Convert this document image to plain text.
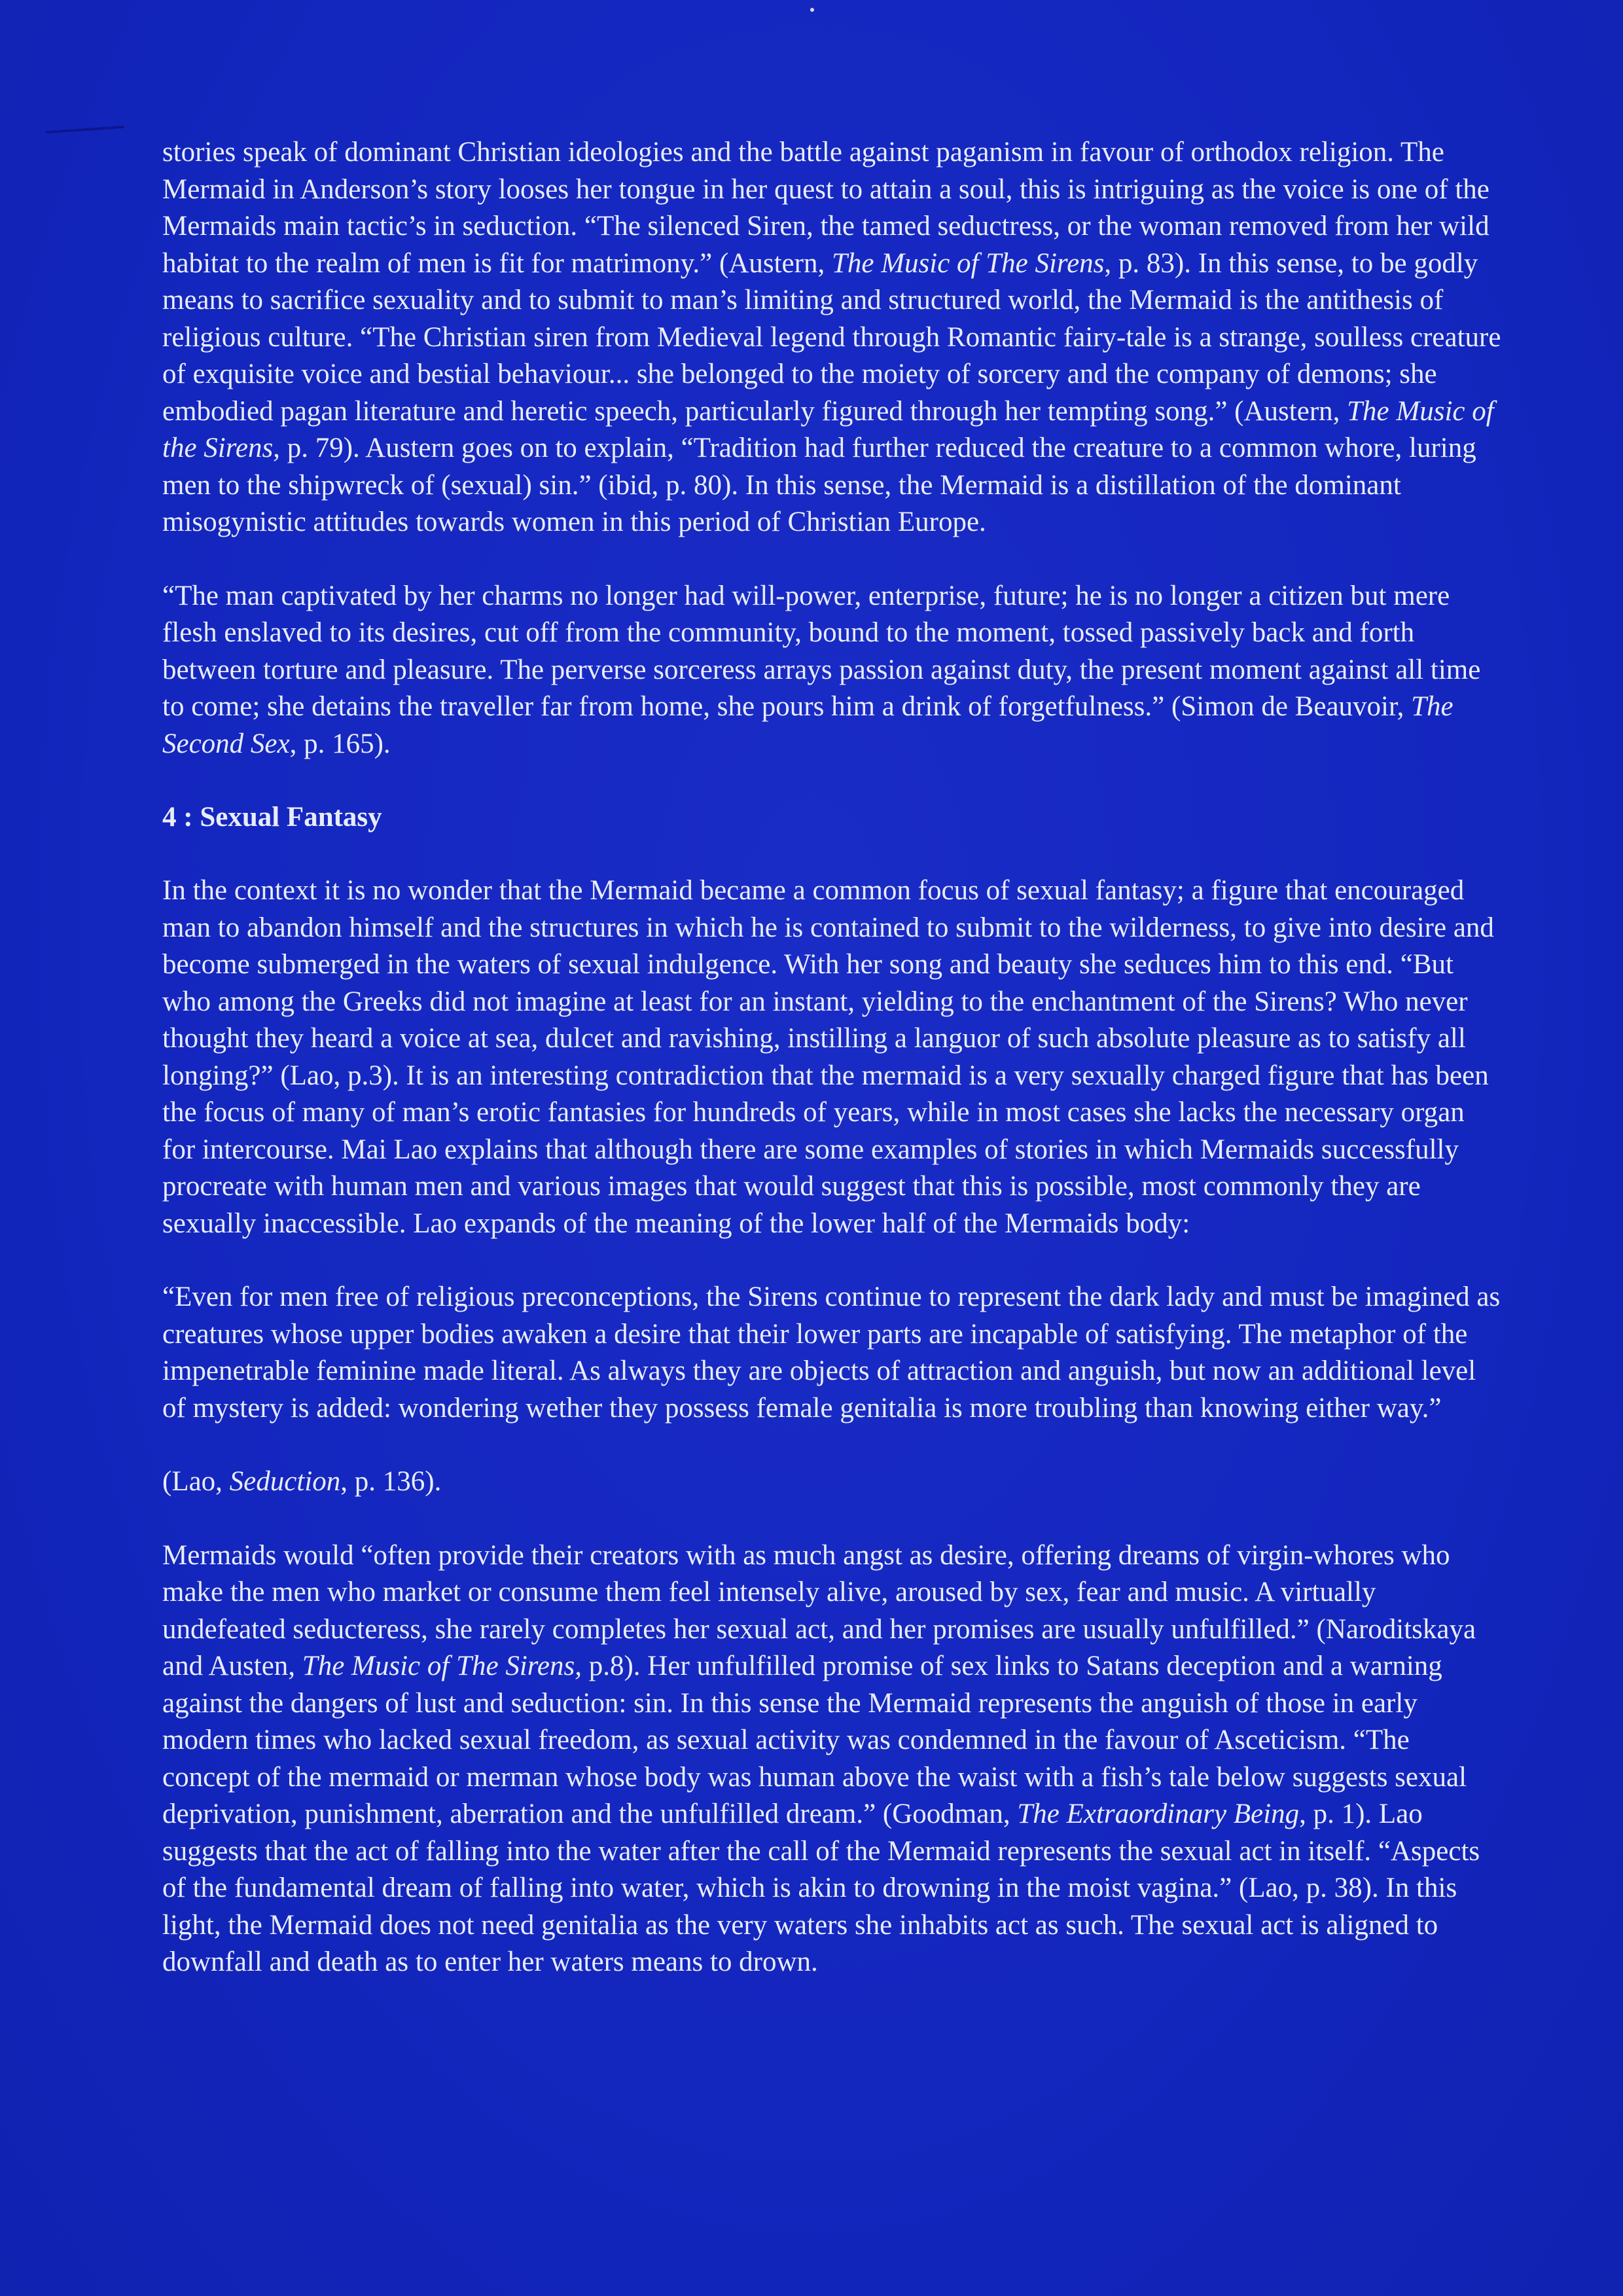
stories speak of dominant Christian ideologies and the battle against paganism in favour of orthodox religion. The Mermaid in Anderson’s story looses her tongue in her quest to attain a soul, this is intriguing as the voice is one of the Mermaids main tactic’s in seduction. “The silenced Siren, the tamed seductress, or the woman removed from her wild habitat to the realm of men is fit for matrimony.” (Austern, The Music of The Sirens, p. 83). In this sense, to be godly means to sacrifice sexuality and to submit to man’s limiting and structured world, the Mermaid is the antithesis of religious culture. “The Christian siren from Medieval legend through Romantic fairy-tale is a strange, soulless creature of exquisite voice and bestial behaviour... she belonged to the moiety of sorcery and the company of demons; she embodied pagan literature and heretic speech, particularly figured through her tempting song.” (Austern, The Music of the Sirens, p. 79). Austern goes on to explain, “Tradition had further reduced the creature to a common whore, luring men to the shipwreck of (sexual) sin.” (ibid, p. 80). In this sense, the Mermaid is a distillation of the dominant misogynistic attitudes towards women in this period of Christian Europe.

“The man captivated by her charms no longer had will-power, enterprise, future; he is no longer a citizen but mere flesh enslaved to its desires, cut off from the community, bound to the moment, tossed passively back and forth between torture and pleasure. The perverse sorceress arrays passion against duty, the present moment against all time to come; she detains the traveller far from home, she pours him a drink of forgetfulness.” (Simon de Beauvoir, The Second Sex, p. 165).

4 : Sexual Fantasy

In the context it is no wonder that the Mermaid became a common focus of sexual fantasy; a figure that encouraged man to abandon himself and the structures in which he is contained to submit to the wilderness, to give into desire and become submerged in the waters of sexual indulgence. With her song and beauty she seduces him to this end. “But who among the Greeks did not imagine at least for an instant, yielding to the enchantment of the Sirens? Who never thought they heard a voice at sea, dulcet and ravishing, instilling a languor of such absolute pleasure as to satisfy all longing?” (Lao, p.3). It is an interesting contradiction that the mermaid is a very sexually charged figure that has been the focus of many of man’s erotic fantasies for hundreds of years, while in most cases she lacks the necessary organ for intercourse. Mai Lao explains that although there are some examples of stories in which Mermaids successfully procreate with human men and various images that would suggest that this is possible, most commonly they are sexually inaccessible. Lao expands of the meaning of the lower half of the Mermaids body:

“Even for men free of religious preconceptions, the Sirens continue to represent the dark lady and must be imagined as creatures whose upper bodies awaken a desire that their lower parts are incapable of satisfying. The metaphor of the impenetrable feminine made literal. As always they are objects of attraction and anguish, but now an additional level of mystery is added: wondering wether they possess female genitalia is more troubling than knowing either way.”

(Lao, Seduction, p. 136).

Mermaids would “often provide their creators with as much angst as desire, offering dreams of virgin-whores who make the men who market or consume them feel intensely alive, aroused by sex, fear and music. A virtually undefeated seducteress, she rarely completes her sexual act, and her promises are usually unfulfilled.” (Naroditskaya and Austen, The Music of The Sirens, p.8). Her unfulfilled promise of sex links to Satans deception and a warning against the dangers of lust and seduction: sin. In this sense the Mermaid represents the anguish of those in early modern times who lacked sexual freedom, as sexual activity was condemned in the favour of Asceticism. “The concept of the mermaid or merman whose body was human above the waist with a fish’s tale below suggests sexual deprivation, punishment, aberration and the unfulfilled dream.” (Goodman, The Extraordinary Being, p. 1). Lao suggests that the act of falling into the water after the call of the Mermaid represents the sexual act in itself. “Aspects of the fundamental dream of falling into water, which is akin to drowning in the moist vagina.” (Lao, p. 38). In this light, the Mermaid does not need genitalia as the very waters she inhabits act as such. The sexual act is aligned to downfall and death as to enter her waters means to drown.
